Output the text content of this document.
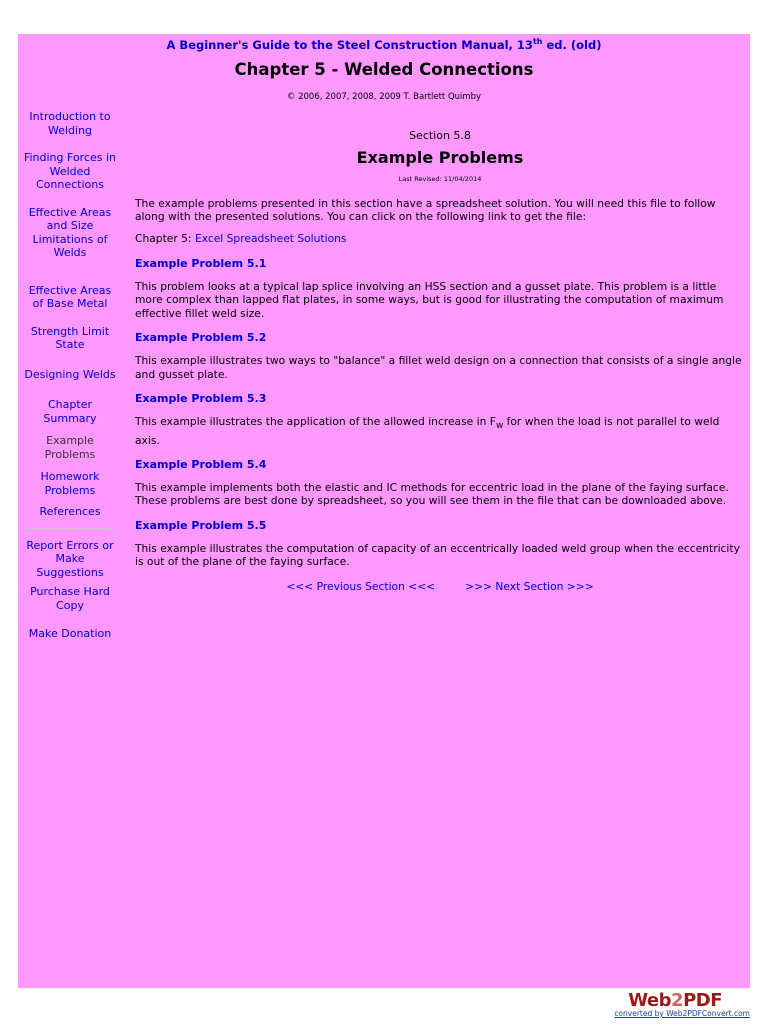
A Beginner's Guide to the Steel Construction Manual, 13th ed. (old)
Chapter 5 - Welded Connections
© 2006, 2007, 2008, 2009 T. Bartlett Quimby
Introduction to Welding
Finding Forces in Welded Connections
Effective Areas and Size Limitations of Welds
Effective Areas of Base Metal
Strength Limit State
Designing Welds
Chapter Summary
Example Problems
Homework Problems
References
Report Errors or Make Suggestions
Purchase Hard Copy
Make Donation
Section 5.8
Example Problems
Last Revised: 11/04/2014

The example problems presented in this section have a spreadsheet solution. You will need this file to follow along with the presented solutions. You can click on the following link to get the file:

Chapter 5: Excel Spreadsheet Solutions

Example Problem 5.1

This problem looks at a typical lap splice involving an HSS section and a gusset plate. This problem is a little more complex than lapped flat plates, in some ways, but is good for illustrating the computation of maximum effective fillet weld size.

Example Problem 5.2

This example illustrates two ways to "balance" a fillet weld design on a connection that consists of a single angle and gusset plate.

Example Problem 5.3

This example illustrates the application of the allowed increase in $F_w$ for when the load is not parallel to weld axis.

Example Problem 5.4

This example implements both the elastic and IC methods for eccentric load in the plane of the faying surface. These problems are best done by spreadsheet, so you will see them in the file that can be downloaded above.

Example Problem 5.5

This example illustrates the computation of capacity of an eccentrically loaded weld group when the eccentricity is out of the plane of the faying surface.

<<< Previous Section <<<	>>> Next Section >>>
Web2PDF
converted by Web2PDFConvert.com
